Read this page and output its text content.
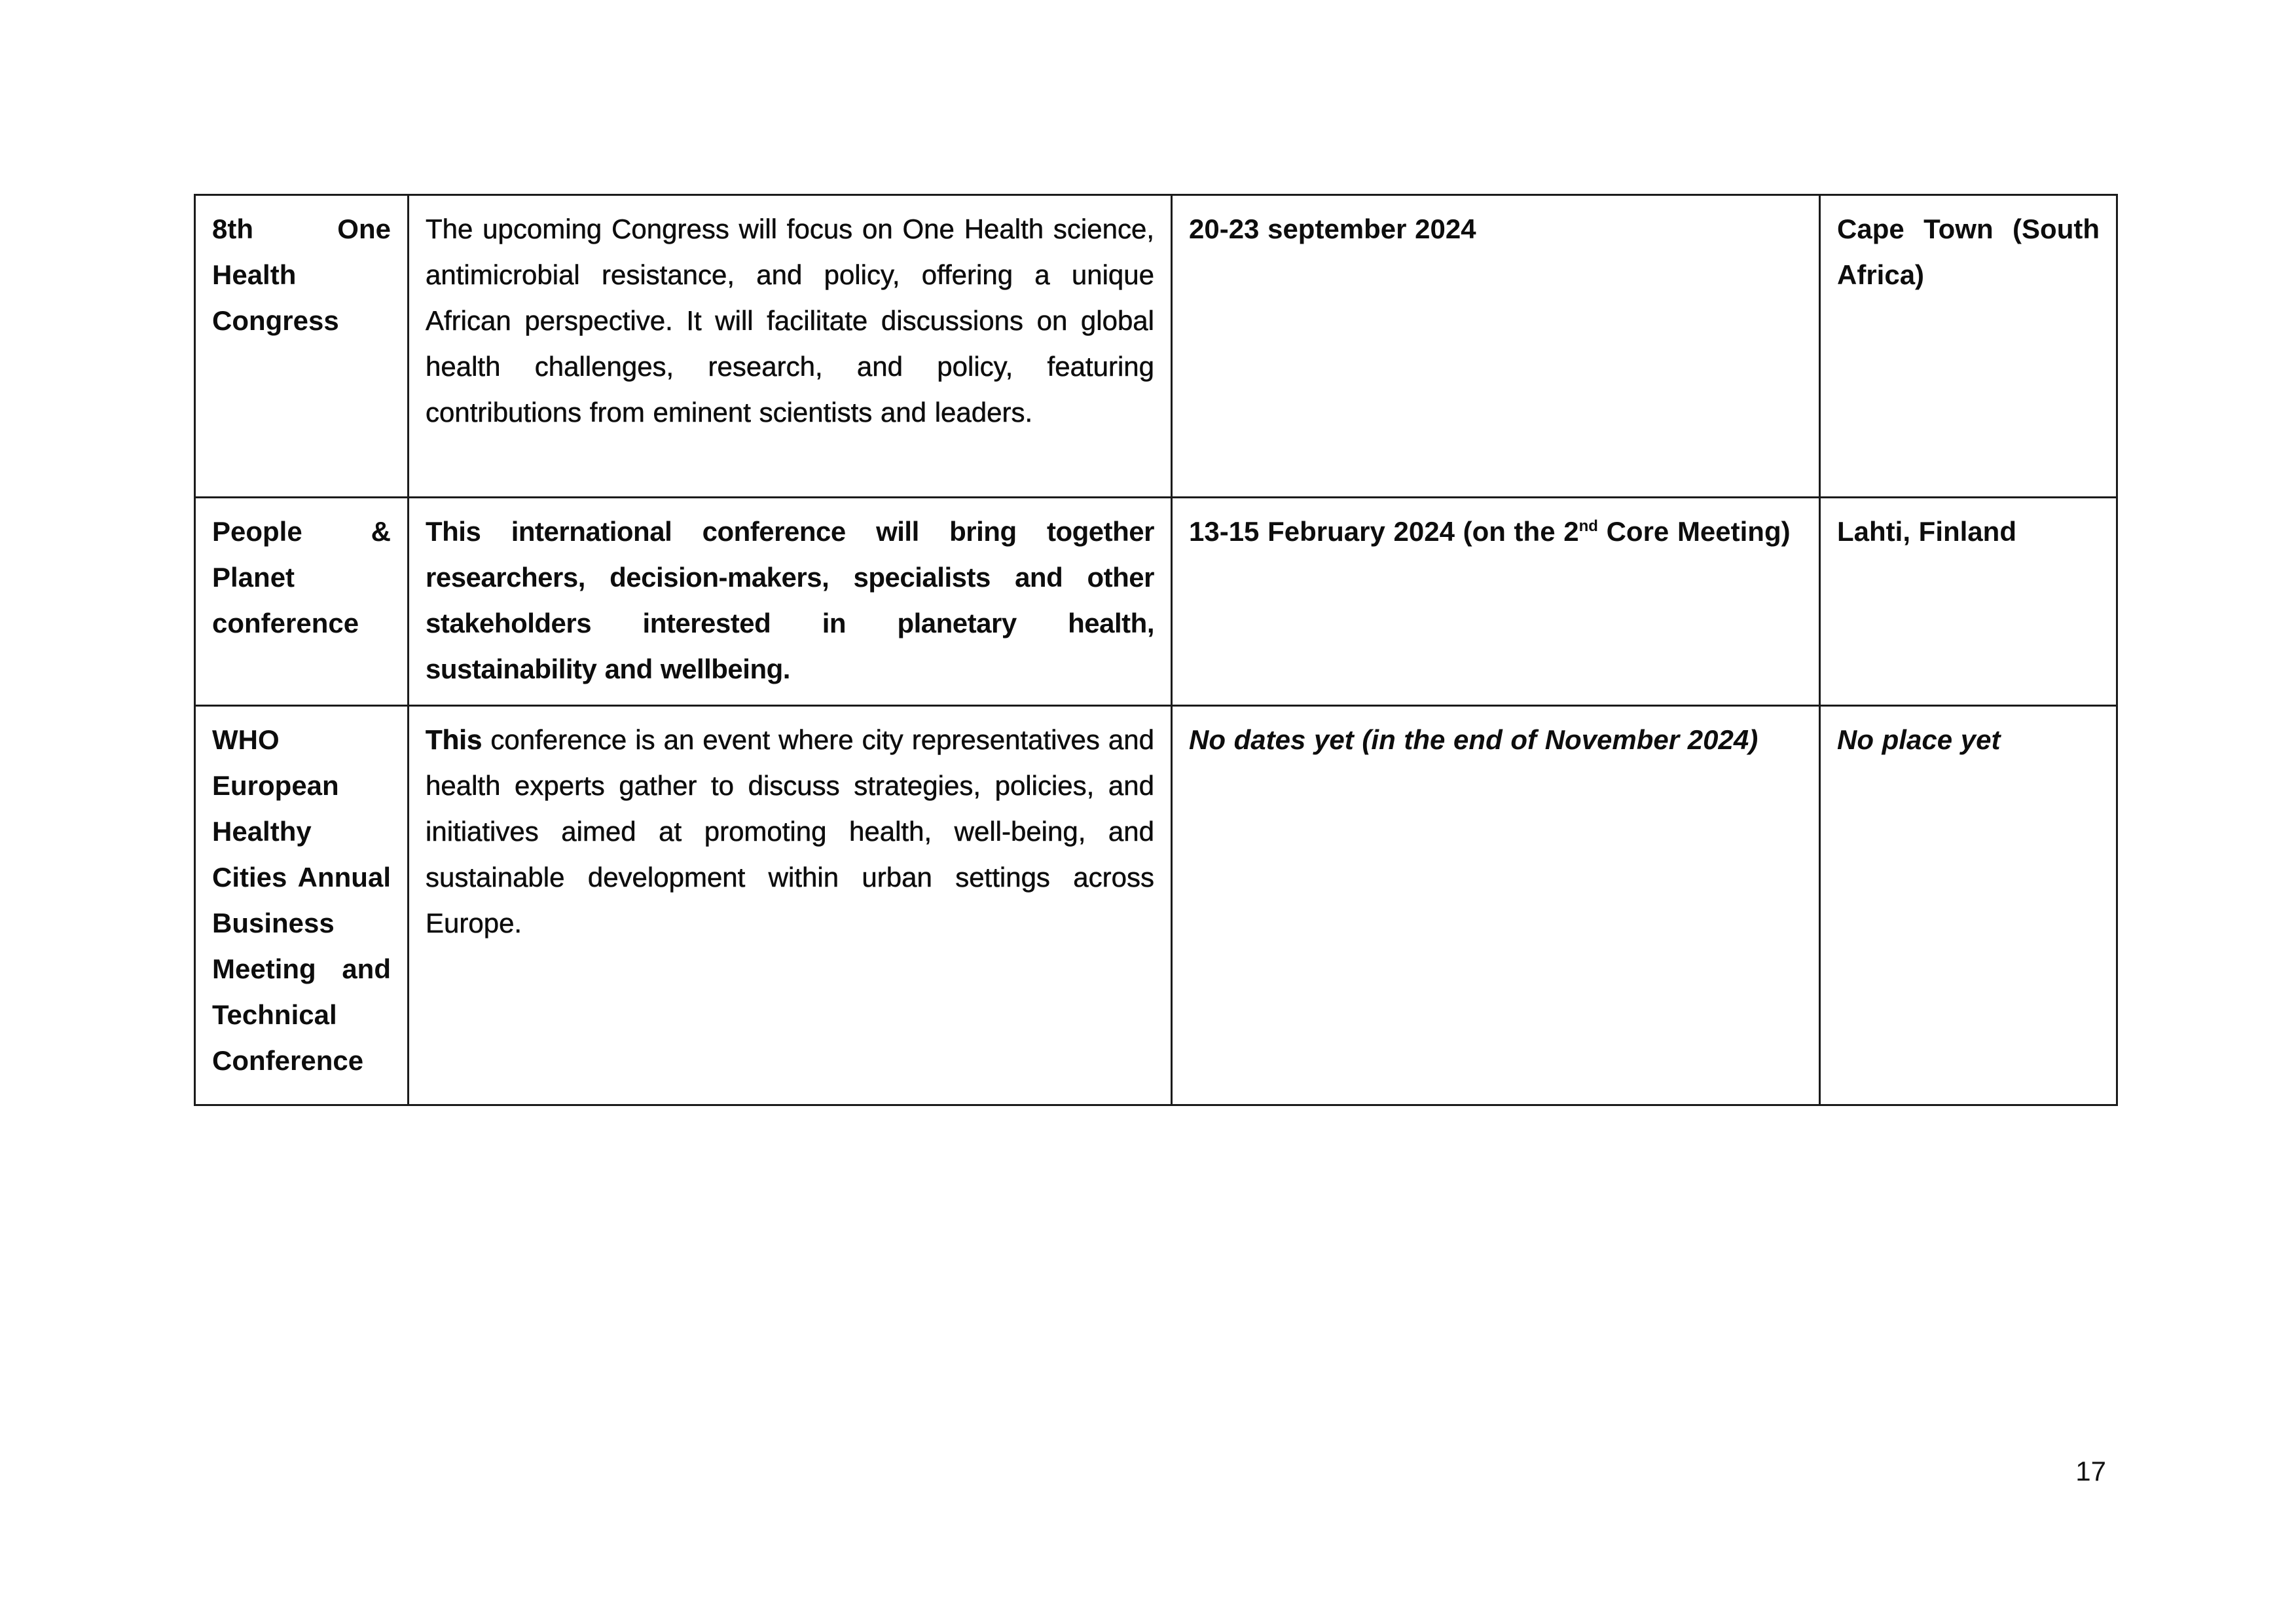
8th One Health Congress	The upcoming Congress will focus on One Health science, antimicrobial resistance, and policy, offering a unique African perspective. It will facilitate discussions on global health challenges, research, and policy, featuring contributions from eminent scientists and leaders.	20-23 september 2024	Cape Town (South Africa)
People & Planet conference	This international conference will bring together researchers, decision-makers, specialists and other stakeholders interested in planetary health, sustainability and wellbeing.	13-15 February 2024 (on the 2nd Core Meeting)	Lahti, Finland
WHO European Healthy Cities Annual Business Meeting and Technical Conference	This conference is an event where city representatives and health experts gather to discuss strategies, policies, and initiatives aimed at promoting health, well-being, and sustainable development within urban settings across Europe.	No dates yet (in the end of November 2024)	No place yet
17
